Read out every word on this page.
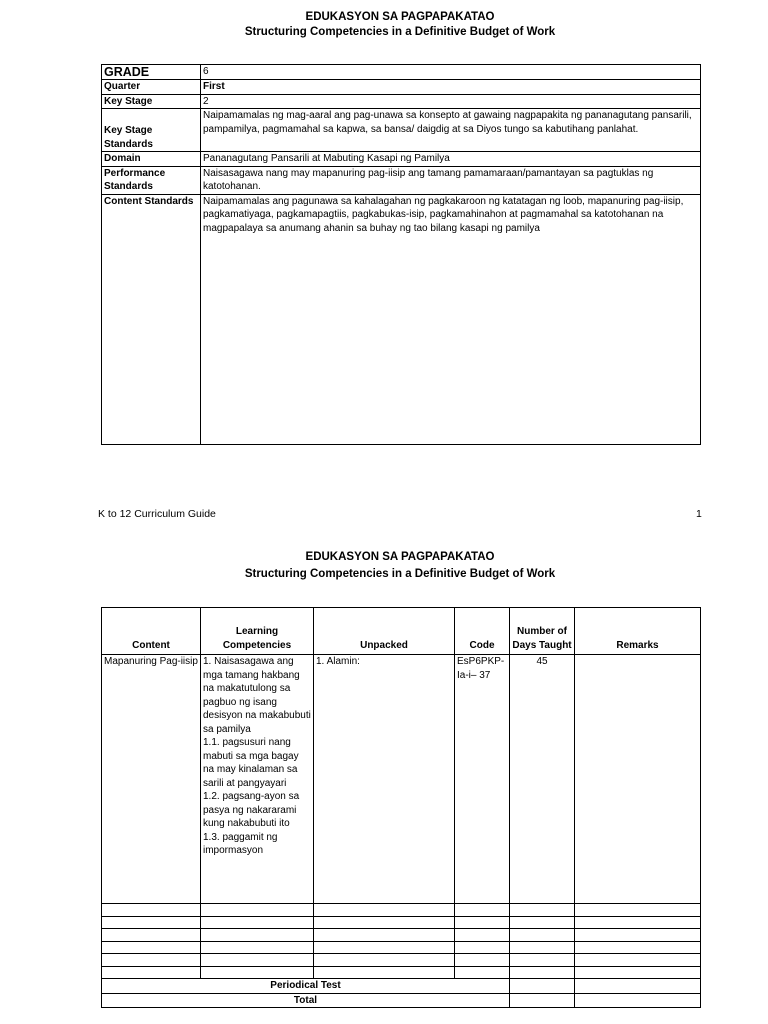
EDUKASYON SA PAGPAPAKATAO
Structuring Competencies in a Definitive Budget of Work
GRADE	6
Quarter	First
Key Stage	2
Key Stage Standards	Naipamamalas ng mag-aaral ang pag-unawa sa konsepto at gawaing nagpapakita ng pananagutang pansarili, pampamilya, pagmamahal sa kapwa, sa bansa/ daigdig at sa Diyos tungo sa kabutihang panlahat.
Domain	Pananagutang Pansarili at Mabuting Kasapi ng Pamilya
Performance Standards	Naisasagawa nang may mapanuring pag-iisip ang tamang pamamaraan/pamantayan sa pagtuklas ng katotohanan.
Content Standards	Naipamamalas ang pagunawa sa kahalagahan ng pagkakaroon ng katatagan ng loob, mapanuring pag-iisip, pagkamatiyaga, pagkamapagtiis, pagkabukas-isip, pagkamahinahon at pagmamahal sa katotohanan na magpapalaya sa anumang ahanin sa buhay ng tao bilang kasapi ng pamilya
K to 12 Curriculum Guide	1
EDUKASYON SA PAGPAPAKATAO
Structuring Competencies in a Definitive Budget of Work
Content	Learning Competencies	Unpacked	Code	Number of Days Taught	Remarks
Mapanuring Pag-iisip	1. Naisasagawa ang mga tamang hakbang na makatutulong sa pagbuo ng isang desisyon na makabubuti sa pamilya
1.1. pagsusuri nang mabuti sa mga bagay na may kinalaman sa sarili at pangyayari
1.2. pagsang-ayon sa pasya ng nakararami kung nakabubuti ito
1.3. paggamit ng impormasyon	1. Alamin:	EsP6PKP-Ia-i– 37	45	

Periodical Test					
Total					
